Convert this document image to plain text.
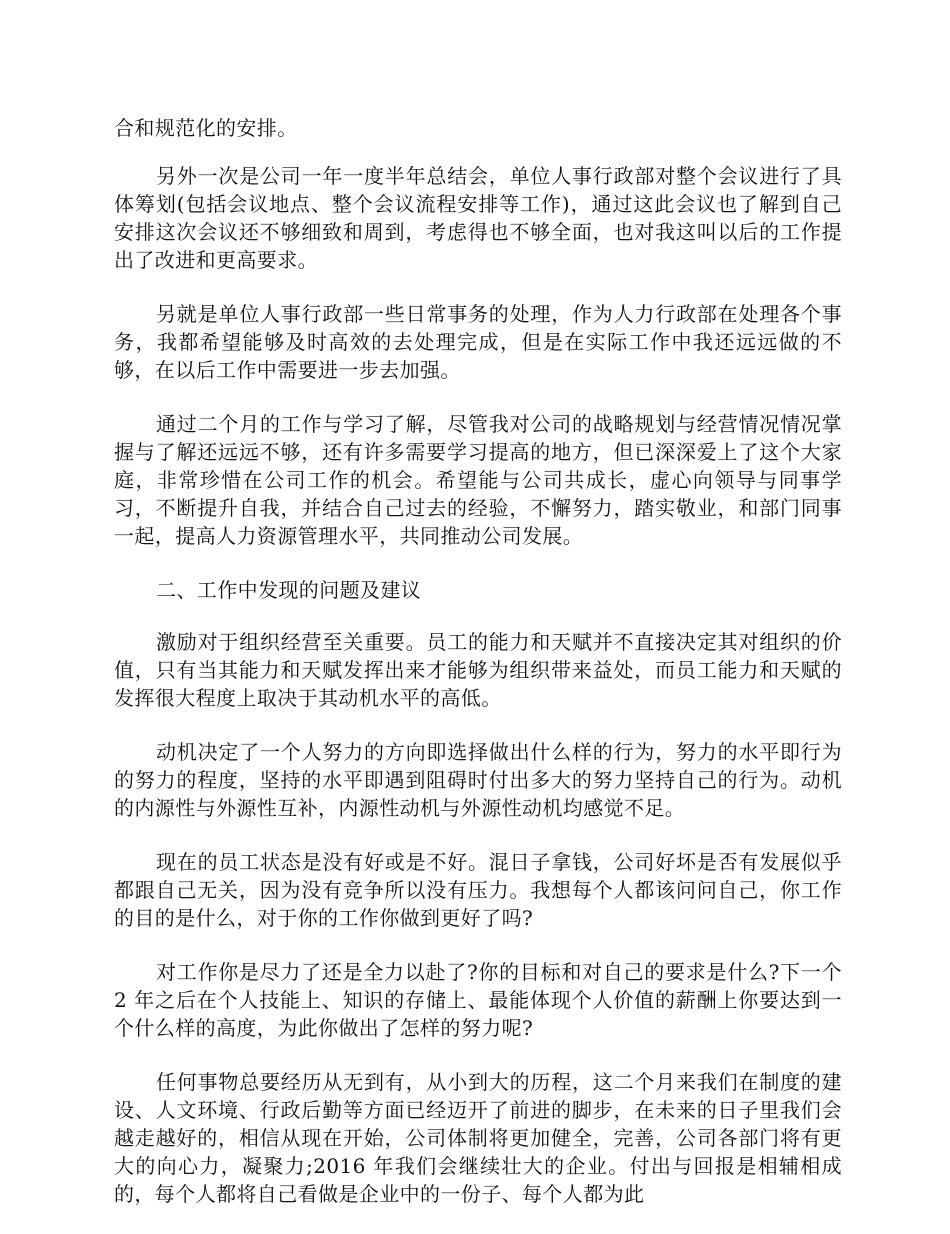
合和规范化的安排。

另外一次是公司一年一度半年总结会，单位人事行政部对整个会议进行了具体筹划(包括会议地点、整个会议流程安排等工作)，通过这此会议也了解到自己安排这次会议还不够细致和周到，考虑得也不够全面，也对我这叫以后的工作提出了改进和更高要求。

另就是单位人事行政部一些日常事务的处理，作为人力行政部在处理各个事务，我都希望能够及时高效的去处理完成，但是在实际工作中我还远远做的不够，在以后工作中需要进一步去加强。

通过二个月的工作与学习了解，尽管我对公司的战略规划与经营情况情况掌握与了解还远远不够，还有许多需要学习提高的地方，但已深深爱上了这个大家庭，非常珍惜在公司工作的机会。希望能与公司共成长，虚心向领导与同事学习，不断提升自我，并结合自己过去的经验，不懈努力，踏实敬业，和部门同事一起，提高人力资源管理水平，共同推动公司发展。

二、工作中发现的问题及建议

激励对于组织经营至关重要。员工的能力和天赋并不直接决定其对组织的价值，只有当其能力和天赋发挥出来才能够为组织带来益处，而员工能力和天赋的发挥很大程度上取决于其动机水平的高低。

动机决定了一个人努力的方向即选择做出什么样的行为，努力的水平即行为的努力的程度，坚持的水平即遇到阻碍时付出多大的努力坚持自己的行为。动机的内源性与外源性互补，内源性动机与外源性动机均感觉不足。

现在的员工状态是没有好或是不好。混日子拿钱，公司好坏是否有发展似乎都跟自己无关，因为没有竞争所以没有压力。我想每个人都该问问自己，你工作的目的是什么，对于你的工作你做到更好了吗?

对工作你是尽力了还是全力以赴了?你的目标和对自己的要求是什么?下一个 2 年之后在个人技能上、知识的存储上、最能体现个人价值的薪酬上你要达到一个什么样的高度，为此你做出了怎样的努力呢?

任何事物总要经历从无到有，从小到大的历程，这二个月来我们在制度的建设、人文环境、行政后勤等方面已经迈开了前进的脚步，在未来的日子里我们会越走越好的，相信从现在开始，公司体制将更加健全，完善，公司各部门将有更大的向心力，凝聚力;2016 年我们会继续壮大的企业。付出与回报是相辅相成的，每个人都将自己看做是企业中的一份子、每个人都为此
